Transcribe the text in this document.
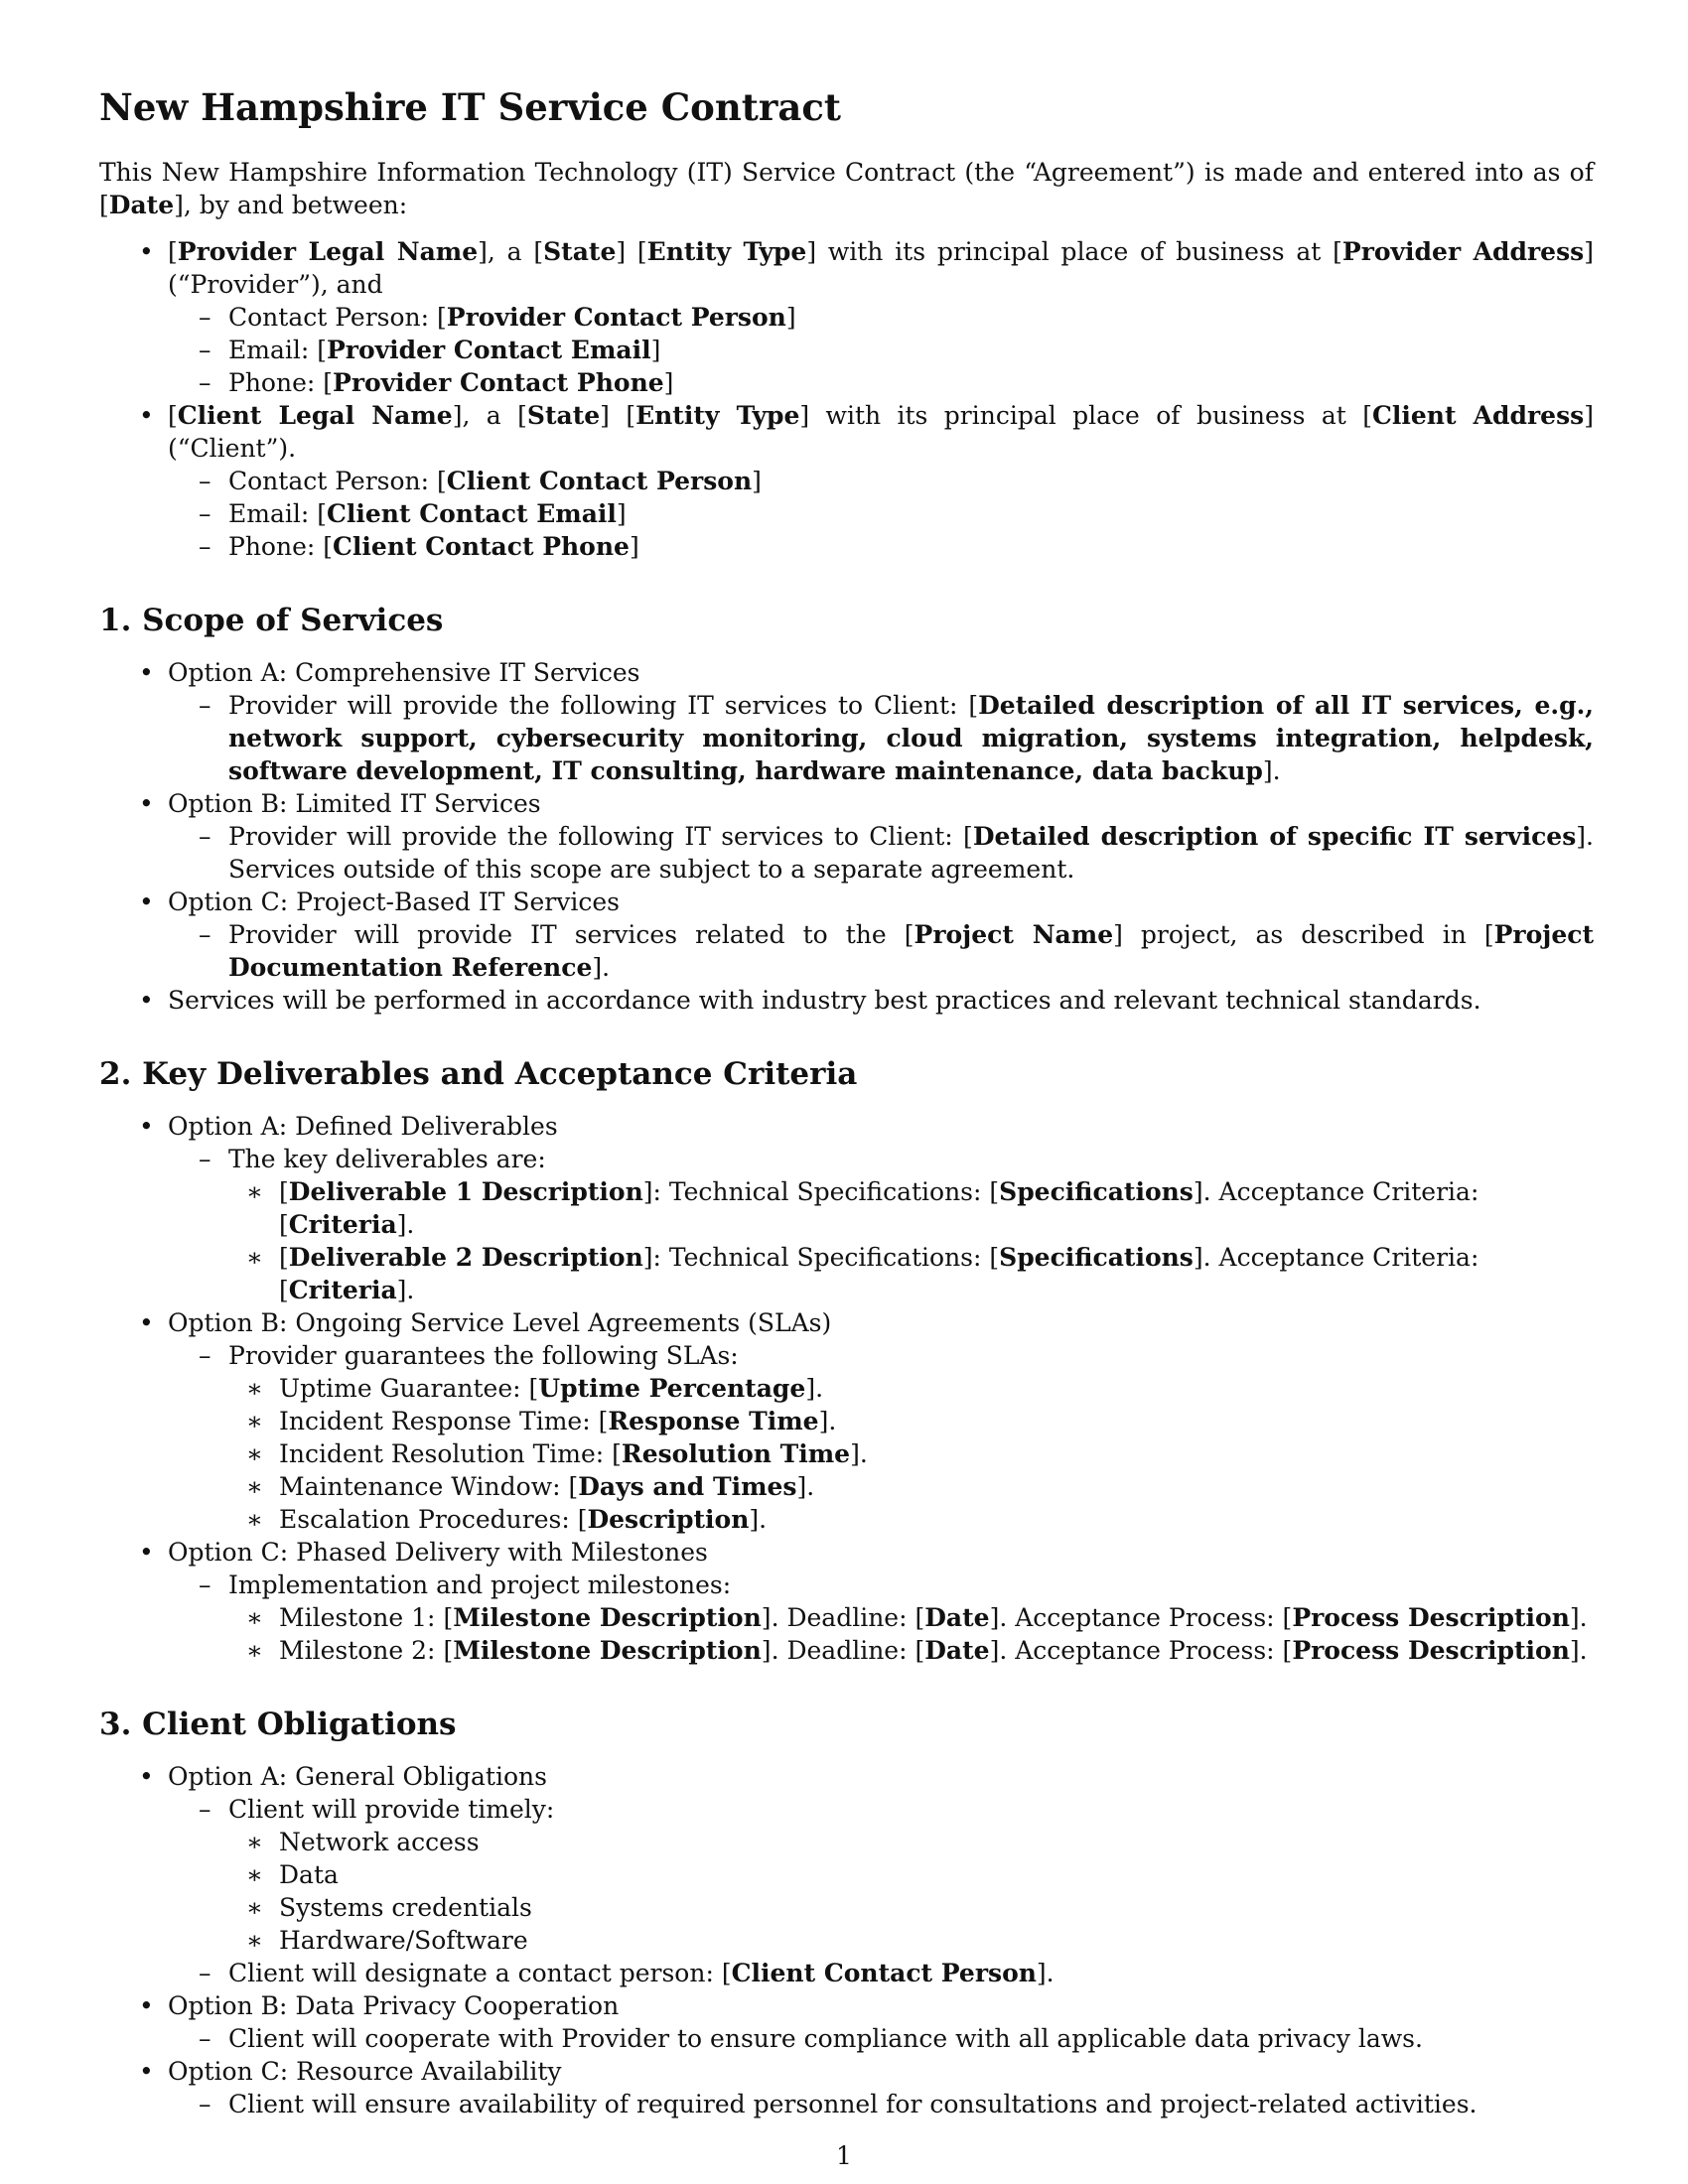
New Hampshire IT Service Contract

This New Hampshire Information Technology (IT) Service Contract (the “Agreement”) is made and entered into as of [Date], by and between:

• [Provider Legal Name], a [State] [Entity Type] with its principal place of business at [Provider Address] (“Provider”), and
– Contact Person: [Provider Contact Person]
– Email: [Provider Contact Email]
– Phone: [Provider Contact Phone]
• [Client Legal Name], a [State] [Entity Type] with its principal place of business at [Client Address] (“Client”).
– Contact Person: [Client Contact Person]
– Email: [Client Contact Email]
– Phone: [Client Contact Phone]
1. Scope of Services
• Option A: Comprehensive IT Services
– Provider will provide the following IT services to Client: [Detailed description of all IT services, e.g., network support, cybersecurity monitoring, cloud migration, systems integration, helpdesk, software development, IT consulting, hardware maintenance, data backup].
• Option B: Limited IT Services
– Provider will provide the following IT services to Client: [Detailed description of specific IT services]. Services outside of this scope are subject to a separate agreement.
• Option C: Project-Based IT Services
– Provider will provide IT services related to the [Project Name] project, as described in [Project Documentation Reference].
• Services will be performed in accordance with industry best practices and relevant technical standards.
2. Key Deliverables and Acceptance Criteria
• Option A: Defined Deliverables
– The key deliverables are:
∗ [Deliverable 1 Description]: Technical Specifications: [Specifications]. Acceptance Criteria: [Criteria].
∗ [Deliverable 2 Description]: Technical Specifications: [Specifications]. Acceptance Criteria: [Criteria].
• Option B: Ongoing Service Level Agreements (SLAs)
– Provider guarantees the following SLAs:
∗ Uptime Guarantee: [Uptime Percentage].
∗ Incident Response Time: [Response Time].
∗ Incident Resolution Time: [Resolution Time].
∗ Maintenance Window: [Days and Times].
∗ Escalation Procedures: [Description].
• Option C: Phased Delivery with Milestones
– Implementation and project milestones:
∗ Milestone 1: [Milestone Description]. Deadline: [Date]. Acceptance Process: [Process Description].
∗ Milestone 2: [Milestone Description]. Deadline: [Date]. Acceptance Process: [Process Description].
3. Client Obligations
• Option A: General Obligations
– Client will provide timely:
∗ Network access
∗ Data
∗ Systems credentials
∗ Hardware/Software
– Client will designate a contact person: [Client Contact Person].
• Option B: Data Privacy Cooperation
– Client will cooperate with Provider to ensure compliance with all applicable data privacy laws.
• Option C: Resource Availability
– Client will ensure availability of required personnel for consultations and project-related activities.
1
